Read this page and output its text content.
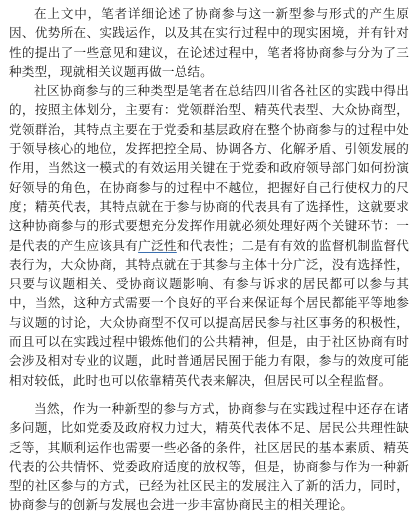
在上文中，笔者详细论述了协商参与这一新型参与形式的产生原因、优势所在、实践运作，以及其在实行过程中的现实困境，并有针对性的提出了一些意见和建议，在论述过程中，笔者将协商参与分为了三种类型，现就相关议题再做一总结。

社区协商参与的三种类型是笔者在总结四川省各社区的实践中得出的，按照主体划分，主要有：党领群治型、精英代表型、大众协商型，党领群治，其特点主要在于党委和基层政府在整个协商参与的过程中处于领导核心的地位，发挥把控全局、协调各方、化解矛盾、引领发展的作用，当然这一模式的有效运用关键在于党委和政府领导部门如何扮演好领导的角色，在协商参与的过程中不越位，把握好自己行使权力的尺度；精英代表，其特点就在于参与协商的代表具有了选择性，这就要求这种协商参与的形式要想充分发挥作用就必须处理好两个关键环节：一是代表的产生应该具有广泛性和代表性；二是有有效的监督机制监督代表行为，大众协商，其特点就在于其参与主体十分广泛，没有选择性，只要与议题相关、受协商议题影响、有参与诉求的居民都可以参与其中，当然，这种方式需要一个良好的平台来保证每个居民都能平等地参与议题的讨论，大众协商型不仅可以提高居民参与社区事务的积极性，而且可以在实践过程中锻炼他们的公共精神，但是，由于社区协商有时会涉及相对专业的议题，此时普通居民囿于能力有限，参与的效度可能相对较低，此时也可以依靠精英代表来解决，但居民可以全程监督。

当然，作为一种新型的参与方式，协商参与在实践过程中还存在诸多问题，比如党委及政府权力过大，精英代表体不足、居民公共理性缺乏等，其顺利运作也需要一些必备的条件，社区居民的基本素质、精英代表的公共情怀、党委政府适度的放权等，但是，协商参与作为一种新型的社区参与的方式，已经为社区民主的发展注入了新的活力，同时，协商参与的创新与发展也会进一步丰富协商民主的相关理论。
